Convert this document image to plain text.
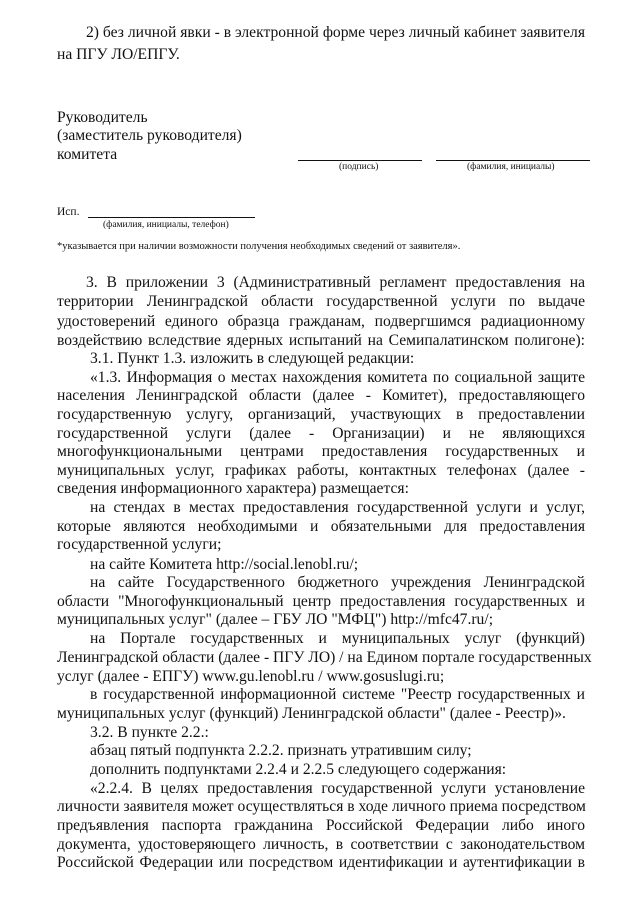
2) без личной явки - в электронной форме через личный кабинет заявителя
на ПГУ ЛО/ЕПГУ.
Руководитель
(заместитель руководителя)
комитета
(подпись)	(фамилия, инициалы)
Исп.
(фамилия, инициалы, телефон)
*указывается при наличии возможности получения необходимых сведений от заявителя».
3. В приложении 3 (Административный регламент предоставления на
территории Ленинградской области государственной услуги по выдаче
удостоверений единого образца гражданам, подвергшимся радиационному
воздействию вследствие ядерных испытаний на Семипалатинском полигоне):
3.1. Пункт 1.3. изложить в следующей редакции:
«1.3. Информация о местах нахождения комитета по социальной защите
населения Ленинградской области (далее - Комитет), предоставляющего
государственную услугу, организаций, участвующих в предоставлении
государственной услуги (далее - Организации) и не являющихся
многофункциональными центрами предоставления государственных и
муниципальных услуг, графиках работы, контактных телефонах (далее -
сведения информационного характера) размещается:
на стендах в местах предоставления государственной услуги и услуг,
которые являются необходимыми и обязательными для предоставления
государственной услуги;
на сайте Комитета http://social.lenobl.ru/;
на сайте Государственного бюджетного учреждения Ленинградской
области "Многофункциональный центр предоставления государственных и
муниципальных услуг" (далее – ГБУ ЛО "МФЦ") http://mfc47.ru/;
на Портале государственных и муниципальных услуг (функций)
Ленинградской области (далее - ПГУ ЛО) / на Едином портале государственных
услуг (далее - ЕПГУ) www.gu.lenobl.ru / www.gosuslugi.ru;
в государственной информационной системе "Реестр государственных и
муниципальных услуг (функций) Ленинградской области" (далее - Реестр)».
3.2. В пункте 2.2.:
абзац пятый подпункта 2.2.2. признать утратившим силу;
дополнить подпунктами 2.2.4 и 2.2.5 следующего содержания:
«2.2.4. В целях предоставления государственной услуги установление
личности заявителя может осуществляться в ходе личного приема посредством
предъявления паспорта гражданина Российской Федерации либо иного
документа, удостоверяющего личность, в соответствии с законодательством
Российской Федерации или посредством идентификации и аутентификации в
